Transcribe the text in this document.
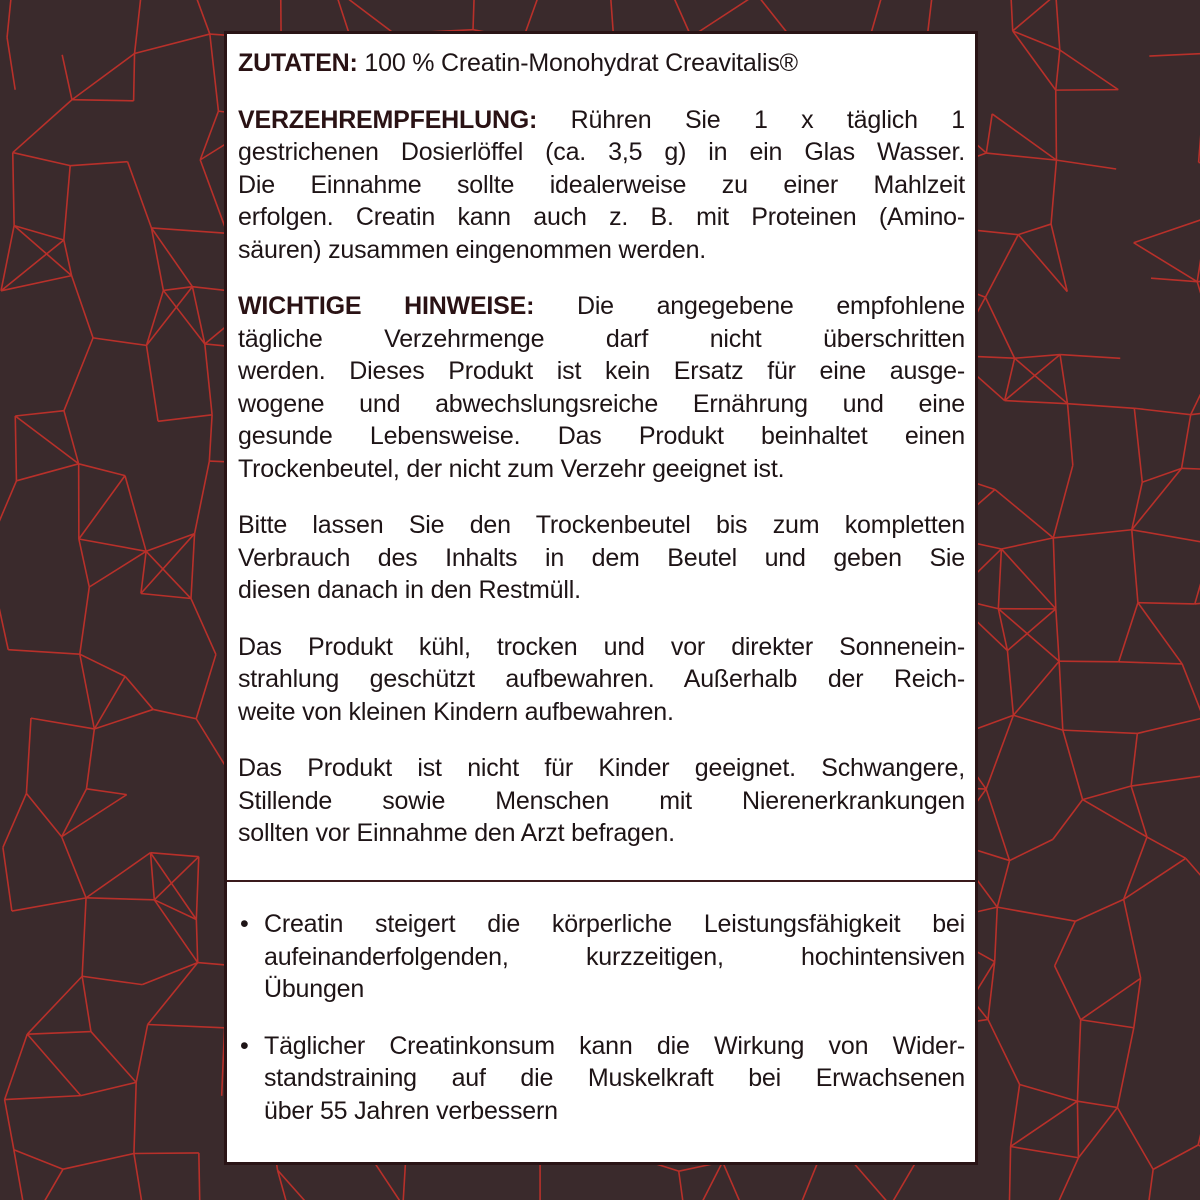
ZUTATEN: 100 % Creatin-Monohydrat Creavitalis®
VERZEHREMPFEHLUNG: Rühren Sie 1 x täglich 1
gestrichenen Dosierlöffel (ca. 3,5 g) in ein Glas Wasser.
Die Einnahme sollte idealerweise zu einer Mahlzeit
erfolgen. Creatin kann auch z. B. mit Proteinen (Amino-
säuren) zusammen eingenommen werden.
WICHTIGE HINWEISE: Die angegebene empfohlene
tägliche Verzehrmenge darf nicht überschritten
werden. Dieses Produkt ist kein Ersatz für eine ausge-
wogene und abwechslungsreiche Ernährung und eine
gesunde Lebensweise. Das Produkt beinhaltet einen
Trockenbeutel, der nicht zum Verzehr geeignet ist.
Bitte lassen Sie den Trockenbeutel bis zum kompletten
Verbrauch des Inhalts in dem Beutel und geben Sie
diesen danach in den Restmüll.
Das Produkt kühl, trocken und vor direkter Sonnenein-
strahlung geschützt aufbewahren. Außerhalb der Reich-
weite von kleinen Kindern aufbewahren.
Das Produkt ist nicht für Kinder geeignet. Schwangere,
Stillende sowie Menschen mit Nierenerkrankungen
sollten vor Einnahme den Arzt befragen.
• Creatin steigert die körperliche Leistungsfähigkeit bei
aufeinanderfolgenden, kurzzeitigen, hochintensiven
Übungen
• Täglicher Creatinkonsum kann die Wirkung von Wider-
standstraining auf die Muskelkraft bei Erwachsenen
über 55 Jahren verbessern
